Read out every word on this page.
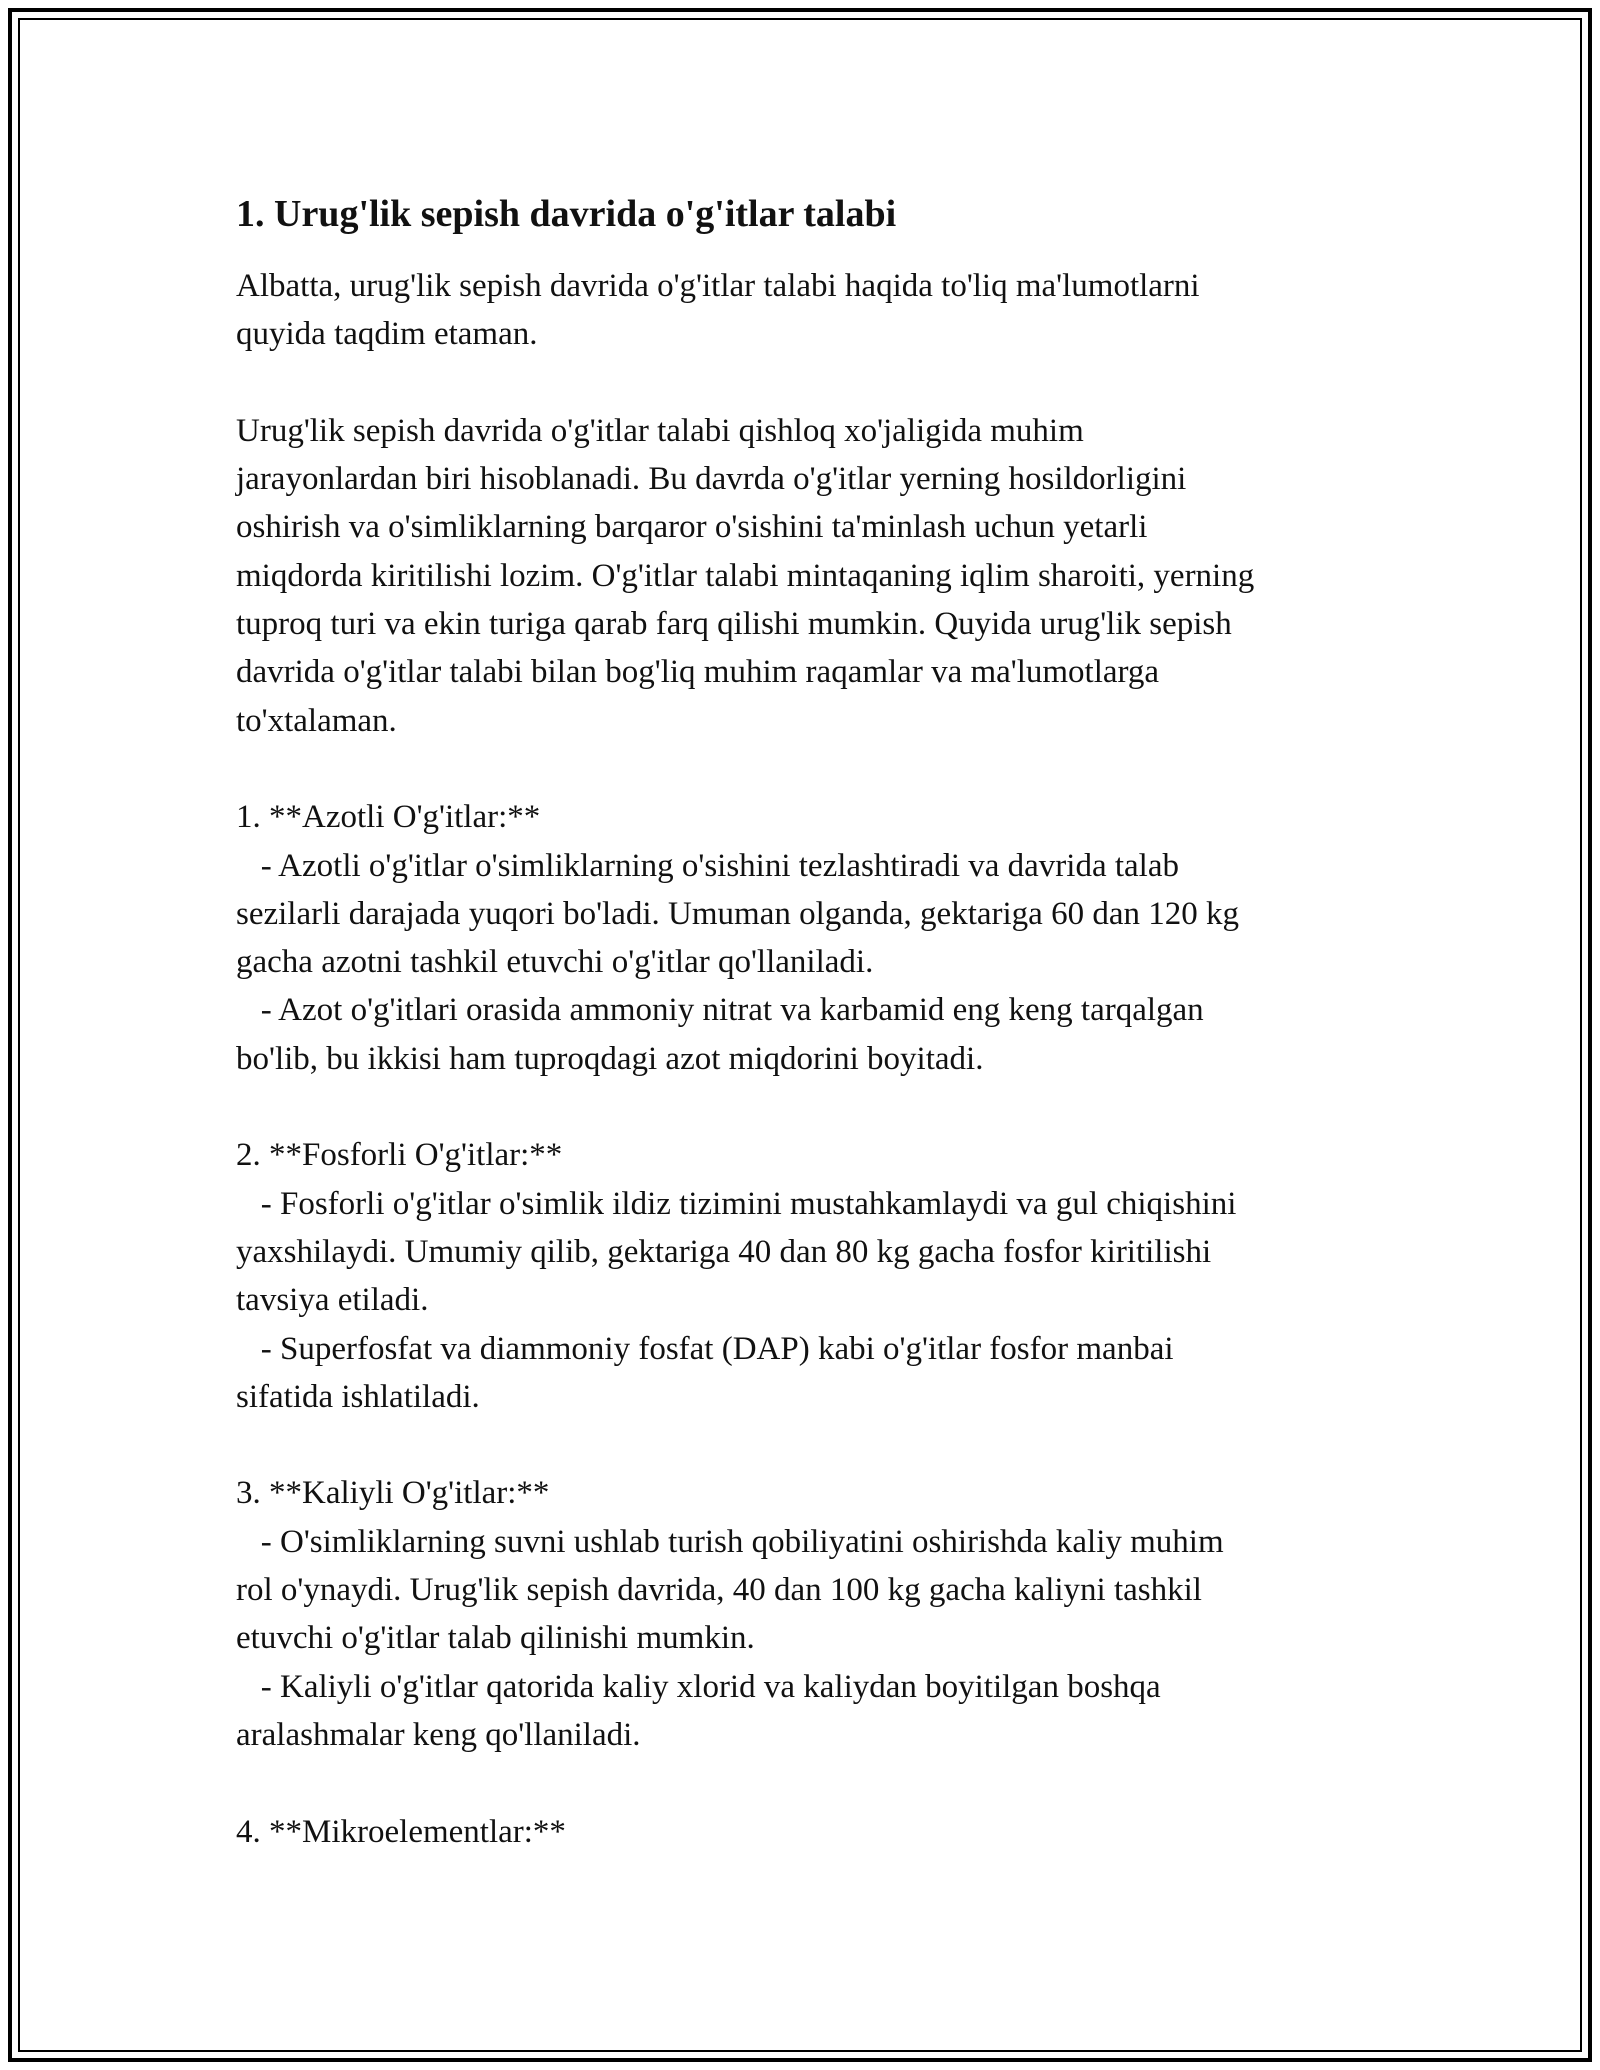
1. Urug'lik sepish davrida o'g'itlar talabi
Albatta, urug'lik sepish davrida o'g'itlar talabi haqida to'liq ma'lumotlarni
quyida taqdim etaman.

Urug'lik sepish davrida o'g'itlar talabi qishloq xo'jaligida muhim
jarayonlardan biri hisoblanadi. Bu davrda o'g'itlar yerning hosildorligini
oshirish va o'simliklarning barqaror o'sishini ta'minlash uchun yetarli
miqdorda kiritilishi lozim. O'g'itlar talabi mintaqaning iqlim sharoiti, yerning
tuproq turi va ekin turiga qarab farq qilishi mumkin. Quyida urug'lik sepish
davrida o'g'itlar talabi bilan bog'liq muhim raqamlar va ma'lumotlarga
to'xtalaman.

1. **Azotli O'g'itlar:**
- Azotli o'g'itlar o'simliklarning o'sishini tezlashtiradi va davrida talab
sezilarli darajada yuqori bo'ladi. Umuman olganda, gektariga 60 dan 120 kg
gacha azotni tashkil etuvchi o'g'itlar qo'llaniladi.
- Azot o'g'itlari orasida ammoniy nitrat va karbamid eng keng tarqalgan
bo'lib, bu ikkisi ham tuproqdagi azot miqdorini boyitadi.

2. **Fosforli O'g'itlar:**
- Fosforli o'g'itlar o'simlik ildiz tizimini mustahkamlaydi va gul chiqishini
yaxshilaydi. Umumiy qilib, gektariga 40 dan 80 kg gacha fosfor kiritilishi
tavsiya etiladi.
- Superfosfat va diammoniy fosfat (DAP) kabi o'g'itlar fosfor manbai
sifatida ishlatiladi.

3. **Kaliyli O'g'itlar:**
- O'simliklarning suvni ushlab turish qobiliyatini oshirishda kaliy muhim
rol o'ynaydi. Urug'lik sepish davrida, 40 dan 100 kg gacha kaliyni tashkil
etuvchi o'g'itlar talab qilinishi mumkin.
- Kaliyli o'g'itlar qatorida kaliy xlorid va kaliydan boyitilgan boshqa
aralashmalar keng qo'llaniladi.

4. **Mikroelementlar:**
